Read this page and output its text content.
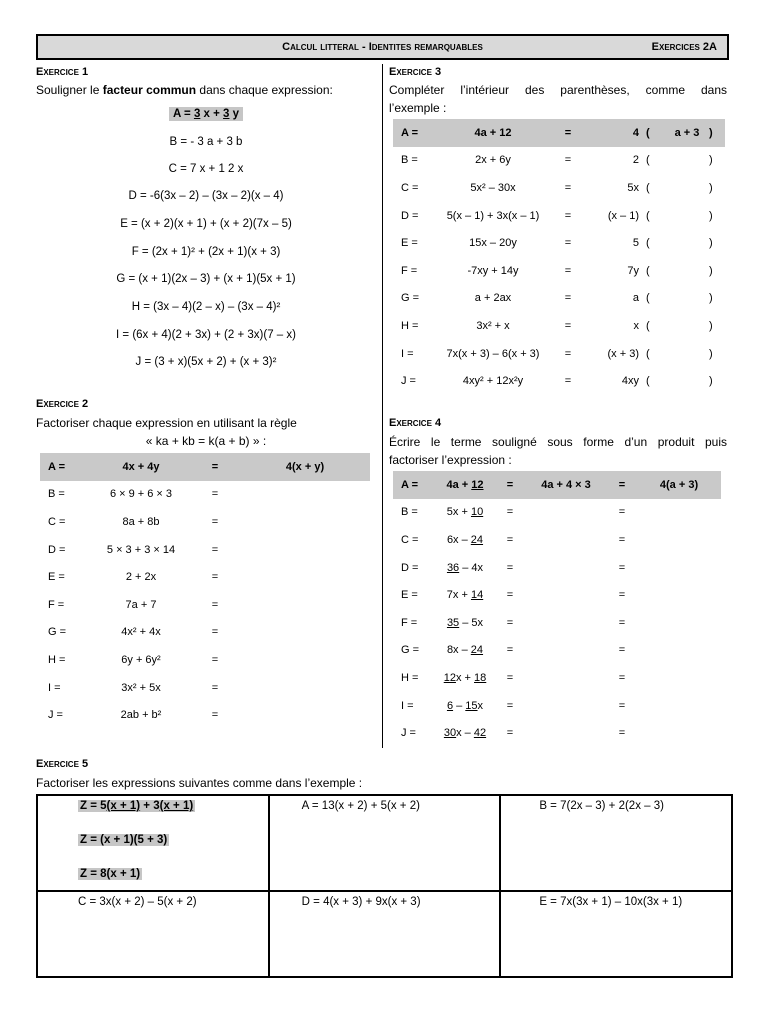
Calcul litteral - Identites remarquables	Exercices 2A
Exercice 1
Souligner le facteur commun dans chaque expression:
A = 3 x + 3 y
B = - 3 a + 3 b
C = 7 x + 1 2 x
D = -6(3x – 2) – (3x – 2)(x – 4)
E = (x + 2)(x + 1) + (x + 2)(7x – 5)
F = (2x + 1)² + (2x + 1)(x + 3)
G = (x + 1)(2x – 3) + (x + 1)(5x + 1)
H = (3x – 4)(2 – x) – (3x – 4)²
I = (6x + 4)(2 + 3x) + (2 + 3x)(7 – x)
J = (3 + x)(5x + 2) + (x + 3)²
Exercice 2
Factoriser chaque expression en utilisant la règle
« ka + kb = k(a + b) » :
A =	4x + 4y	=	4(x + y)
B =	6 × 9 + 6 × 3	=	
C =	8a + 8b	=	
D =	5 × 3 + 3 × 14	=	
E =	2 + 2x	=	
F =	7a + 7	=	
G =	4x² + 4x	=	
H =	6y + 6y²	=	
I =	3x² + 5x	=	
J =	2ab + b²	=	
Exercice 3
Compléter l’intérieur des parenthèses, comme dans
l’exemple :
A =	4a + 12	=	4	(	a + 3	)
B =	2x + 6y	=	2	(		)
C =	5x² – 30x	=	5x	(		)
D =	5(x – 1) + 3x(x – 1)	=	(x – 1)	(		)
E =	15x – 20y	=	5	(		)
F =	-7xy + 14y	=	7y	(		)
G =	a + 2ax	=	a	(		)
H =	3x² + x	=	x	(		)
I =	7x(x + 3) – 6(x + 3)	=	(x + 3)	(		)
J =	4xy² + 12x²y	=	4xy	(		)
Exercice 4
Écrire le terme souligné sous forme d’un produit puis
factoriser l’expression :
A =	4a + 12	=	4a + 4 × 3	=	4(a + 3)
B =	5x + 10	=		=	
C =	6x – 24	=		=	
D =	36 – 4x	=		=	
E =	7x + 14	=		=	
F =	35 – 5x	=		=	
G =	8x – 24	=		=	
H =	12x + 18	=		=	
I =	6 – 15x	=		=	
J =	30x – 42	=		=	
Exercice 5
Factoriser les expressions suivantes comme dans l’exemple :
Z = 5(x + 1) + 3(x + 1)
Z = (x + 1)(5 + 3)
Z = 8(x + 1)	A = 13(x + 2) + 5(x + 2)	B = 7(2x – 3) + 2(2x – 3)

C = 3x(x + 2) – 5(x + 2)	D = 4(x + 3) + 9x(x + 3)	E = 7x(3x + 1) – 10x(3x + 1)
